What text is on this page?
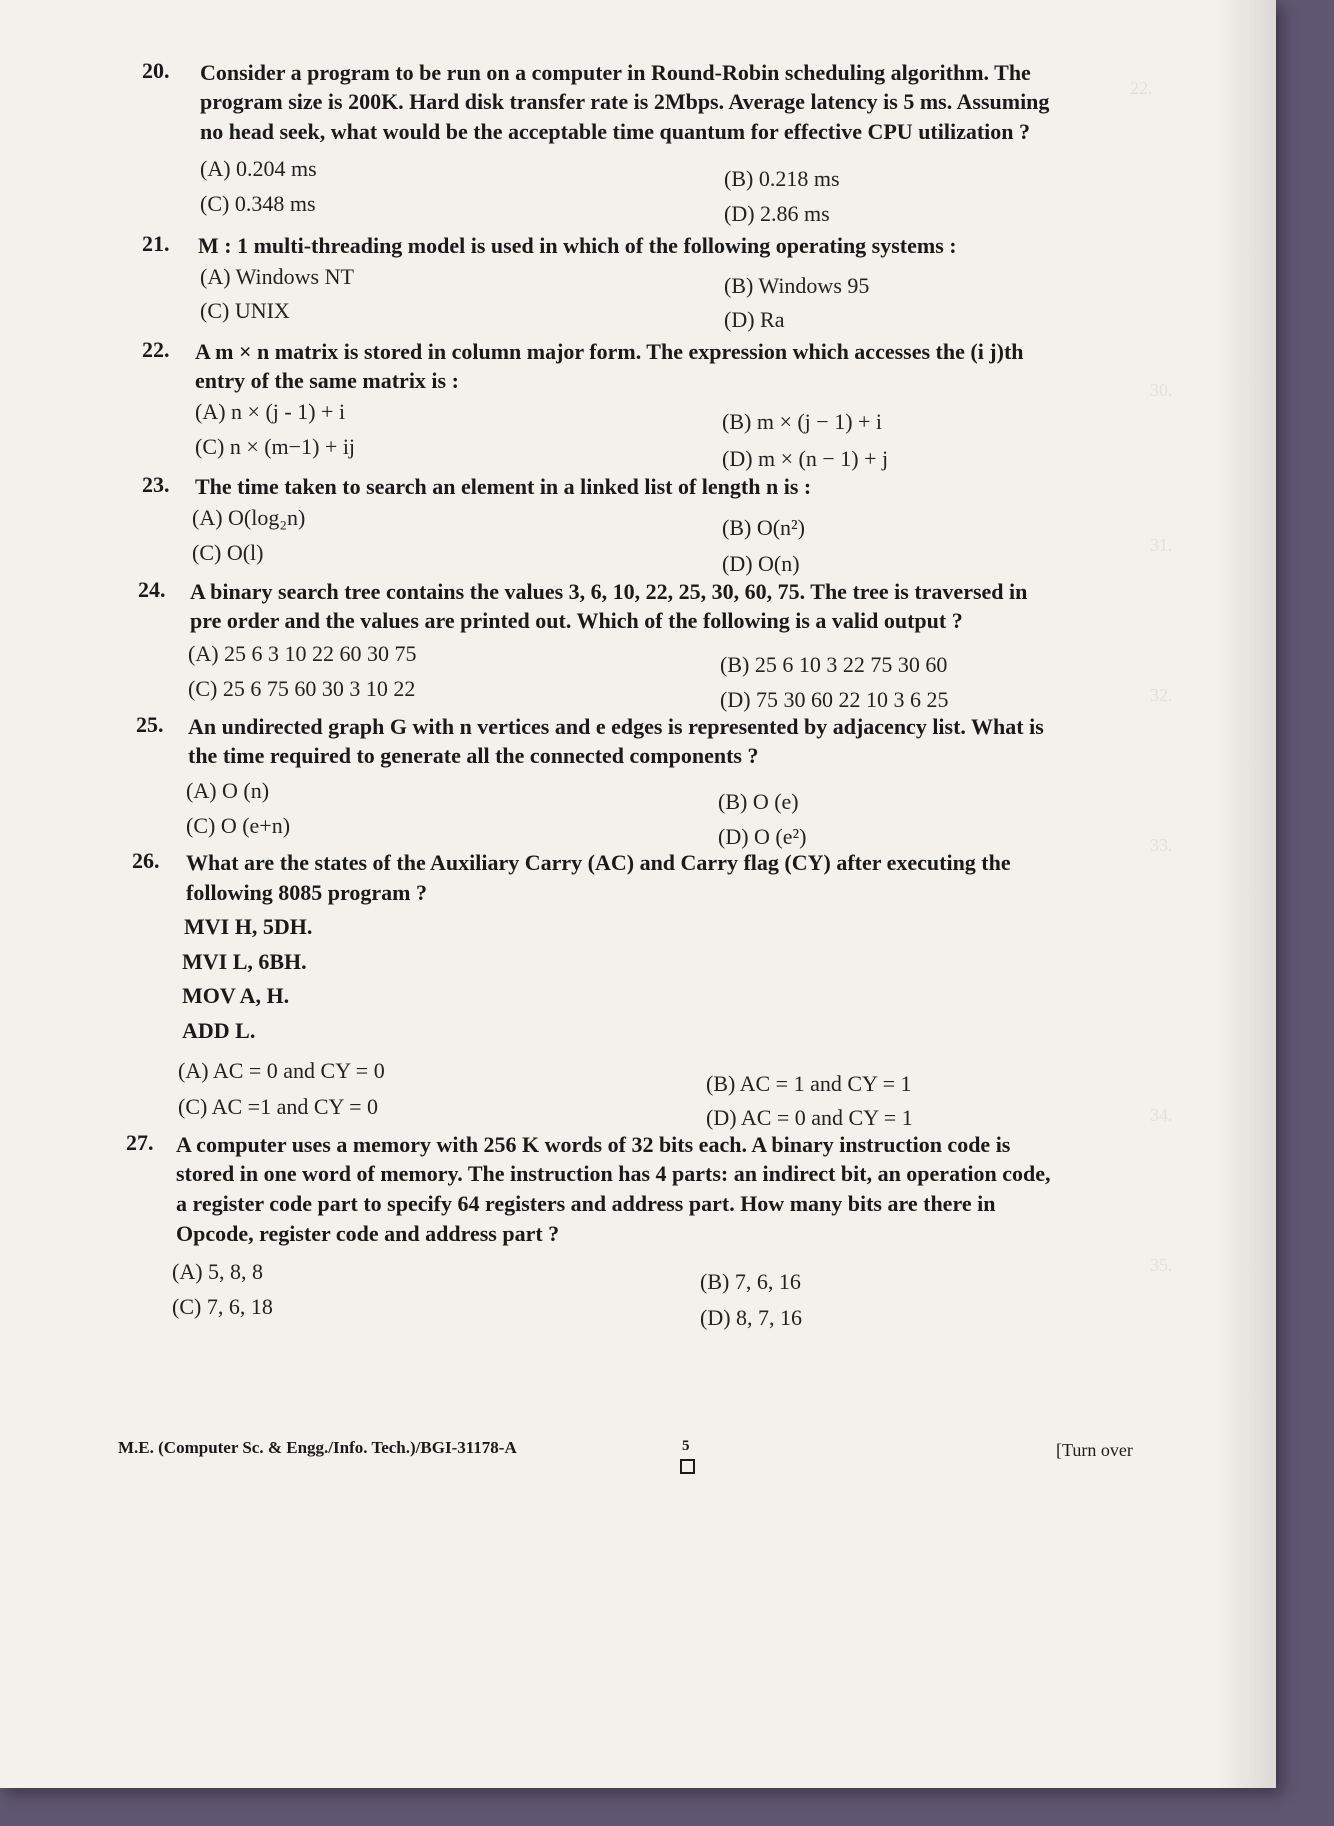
22.
30.
31.
32.
33.
34.
35.
20. Consider a program to be run on a computer in Round-Robin scheduling algorithm. The
program size is 200K. Hard disk transfer rate is 2Mbps. Average latency is 5 ms. Assuming
no head seek, what would be the acceptable time quantum for effective CPU utilization ?
(A) 0.204 ms	(B) 0.218 ms
(C) 0.348 ms	(D) 2.86 ms
21. M : 1 multi-threading model is used in which of the following operating systems :
(A) Windows NT	(B) Windows 95
(C) UNIX	(D) Ra
22. A m × n matrix is stored in column major form. The expression which accesses the (i j)th
entry of the same matrix is :
(A) n × (j - 1) + i	(B) m × (j − 1) + i
(C) n × (m−1) + ij	(D) m × (n − 1) + j
23. The time taken to search an element in a linked list of length n is :
(A) O(log₂n)	(B) O(n²)
(C) O(l)	(D) O(n)
24. A binary search tree contains the values 3, 6, 10, 22, 25, 30, 60, 75. The tree is traversed in
pre order and the values are printed out. Which of the following is a valid output ?
(A) 25 6 3 10 22 60 30 75	(B) 25 6 10 3 22 75 30 60
(C) 25 6 75 60 30 3 10 22	(D) 75 30 60 22 10 3 6 25
25. An undirected graph G with n vertices and e edges is represented by adjacency list. What is
the time required to generate all the connected components ?
(A) O (n)	(B) O (e)
(C) O (e+n)	(D) O (e²)
26. What are the states of the Auxiliary Carry (AC) and Carry flag (CY) after executing the
following 8085 program ?
MVI H, 5DH.
MVI L, 6BH.
MOV A, H.
ADD L.
(A) AC = 0 and CY = 0
(B) AC = 1 and CY = 1
(C) AC =1 and CY = 0	(D) AC = 0 and CY = 1
27. A computer uses a memory with 256 K words of 32 bits each. A binary instruction code is
stored in one word of memory. The instruction has 4 parts: an indirect bit, an operation code,
a register code part to specify 64 registers and address part. How many bits are there in
Opcode, register code and address part ?
(A) 5, 8, 8	(B) 7, 6, 16
(C) 7, 6, 18	(D) 8, 7, 16
M.E. (Computer Sc. & Engg./Info. Tech.)/BGI-31178-A	5	[Turn over
